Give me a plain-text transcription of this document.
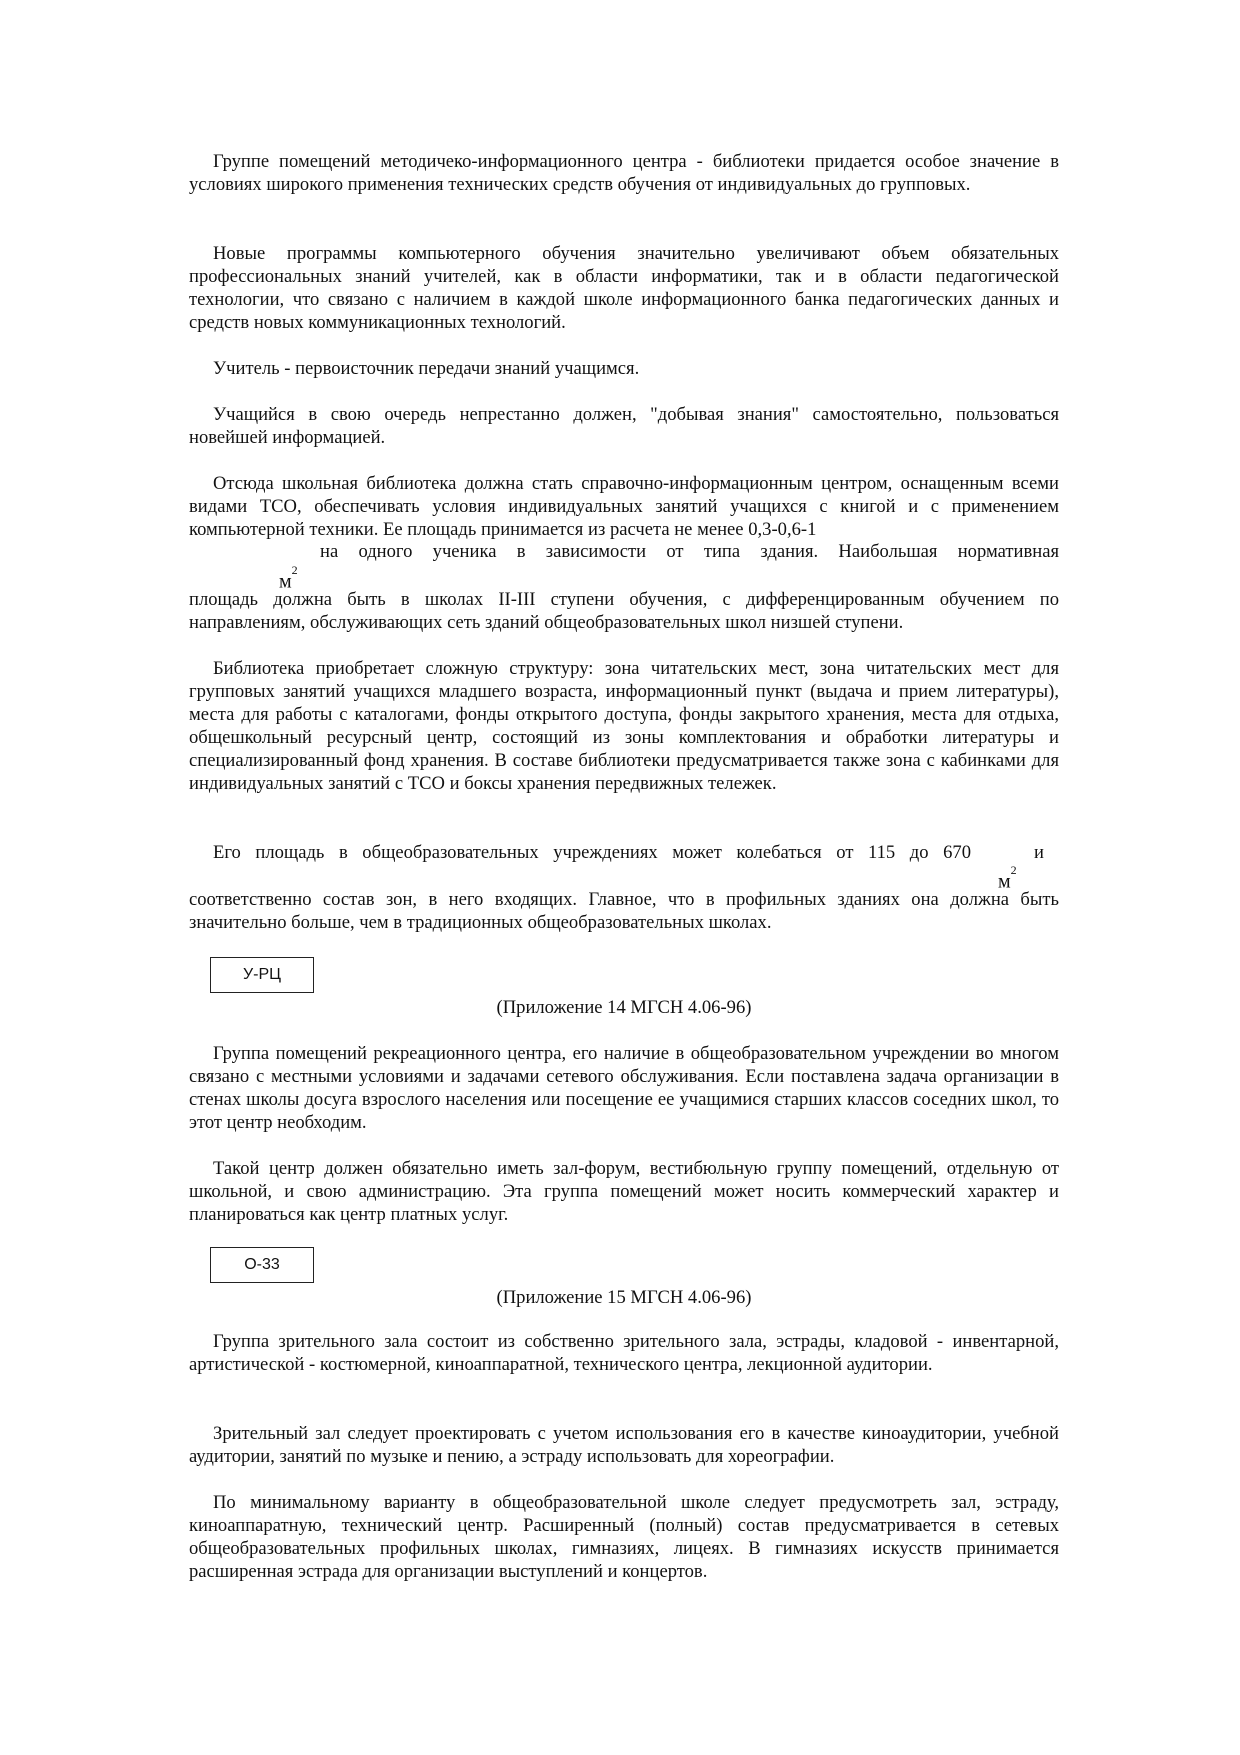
Группе помещений методичеко-информационного центра - библиотеки придается особое значение в условиях широкого применения технических средств обучения от индивидуальных до групповых.

Новые программы компьютерного обучения значительно увеличивают объем обязательных профессиональных знаний учителей, как в области информатики, так и в области педагогической технологии, что связано с наличием в каждой школе информационного банка педагогических данных и средств новых коммуникационных технологий.

Учитель - первоисточник передачи знаний учащимся.

Учащийся в свою очередь непрестанно должен, "добывая знания" самостоятельно, пользоваться новейшей информацией.

Отсюда школьная библиотека должна стать справочно-информационным центром, оснащенным всеми видами ТСО, обеспечивать условия индивидуальных занятий учащихся с книгой и с применением компьютерной техники. Ее площадь принимается из расчета не менее 0,3-0,6-1

на одного ученика в зависимости от типа здания. Наибольшая нормативная
$м^2$

площадь должна быть в школах II-III ступени обучения, с дифференцированным обучением по направлениям, обслуживающих сеть зданий общеобразовательных школ низшей ступени.

Библиотека приобретает сложную структуру: зона читательских мест, зона читательских мест для групповых занятий учащихся младшего возраста, информационный пункт (выдача и прием литературы), места для работы с каталогами, фонды открытого доступа, фонды закрытого хранения, места для отдыха, общешкольный ресурсный центр, состоящий из зоны комплектования и обработки литературы и специализированный фонд хранения. В составе библиотеки предусматривается также зона с кабинками для индивидуальных занятий с ТСО и боксы хранения передвижных тележек.

Его площадь в общеобразовательных учреждениях может колебаться от 115 до 670	и
$м^2$

соответственно состав зон, в него входящих. Главное, что в профильных зданиях она должна быть значительно больше, чем в традиционных общеобразовательных школах.

У-РЦ
(Приложение 14 МГСН 4.06-96)

Группа помещений рекреационного центра, его наличие в общеобразовательном учреждении во многом связано с местными условиями и задачами сетевого обслуживания. Если поставлена задача организации в стенах школы досуга взрослого населения или посещение ее учащимися старших классов соседних школ, то этот центр необходим.

Такой центр должен обязательно иметь зал-форум, вестибюльную группу помещений, отдельную от школьной, и свою администрацию. Эта группа помещений может носить коммерческий характер и планироваться как центр платных услуг.

О-33
(Приложение 15 МГСН 4.06-96)

Группа зрительного зала состоит из собственно зрительного зала, эстрады, кладовой - инвентарной, артистической - костюмерной, киноаппаратной, технического центра, лекционной аудитории.

Зрительный зал следует проектировать с учетом использования его в качестве киноаудитории, учебной аудитории, занятий по музыке и пению, а эстраду использовать для хореографии.

По минимальному варианту в общеобразовательной школе следует предусмотреть зал, эстраду, киноаппаратную, технический центр. Расширенный (полный) состав предусматривается в сетевых общеобразовательных профильных школах, гимназиях, лицеях. В гимназиях искусств принимается расширенная эстрада для организации выступлений и концертов.
